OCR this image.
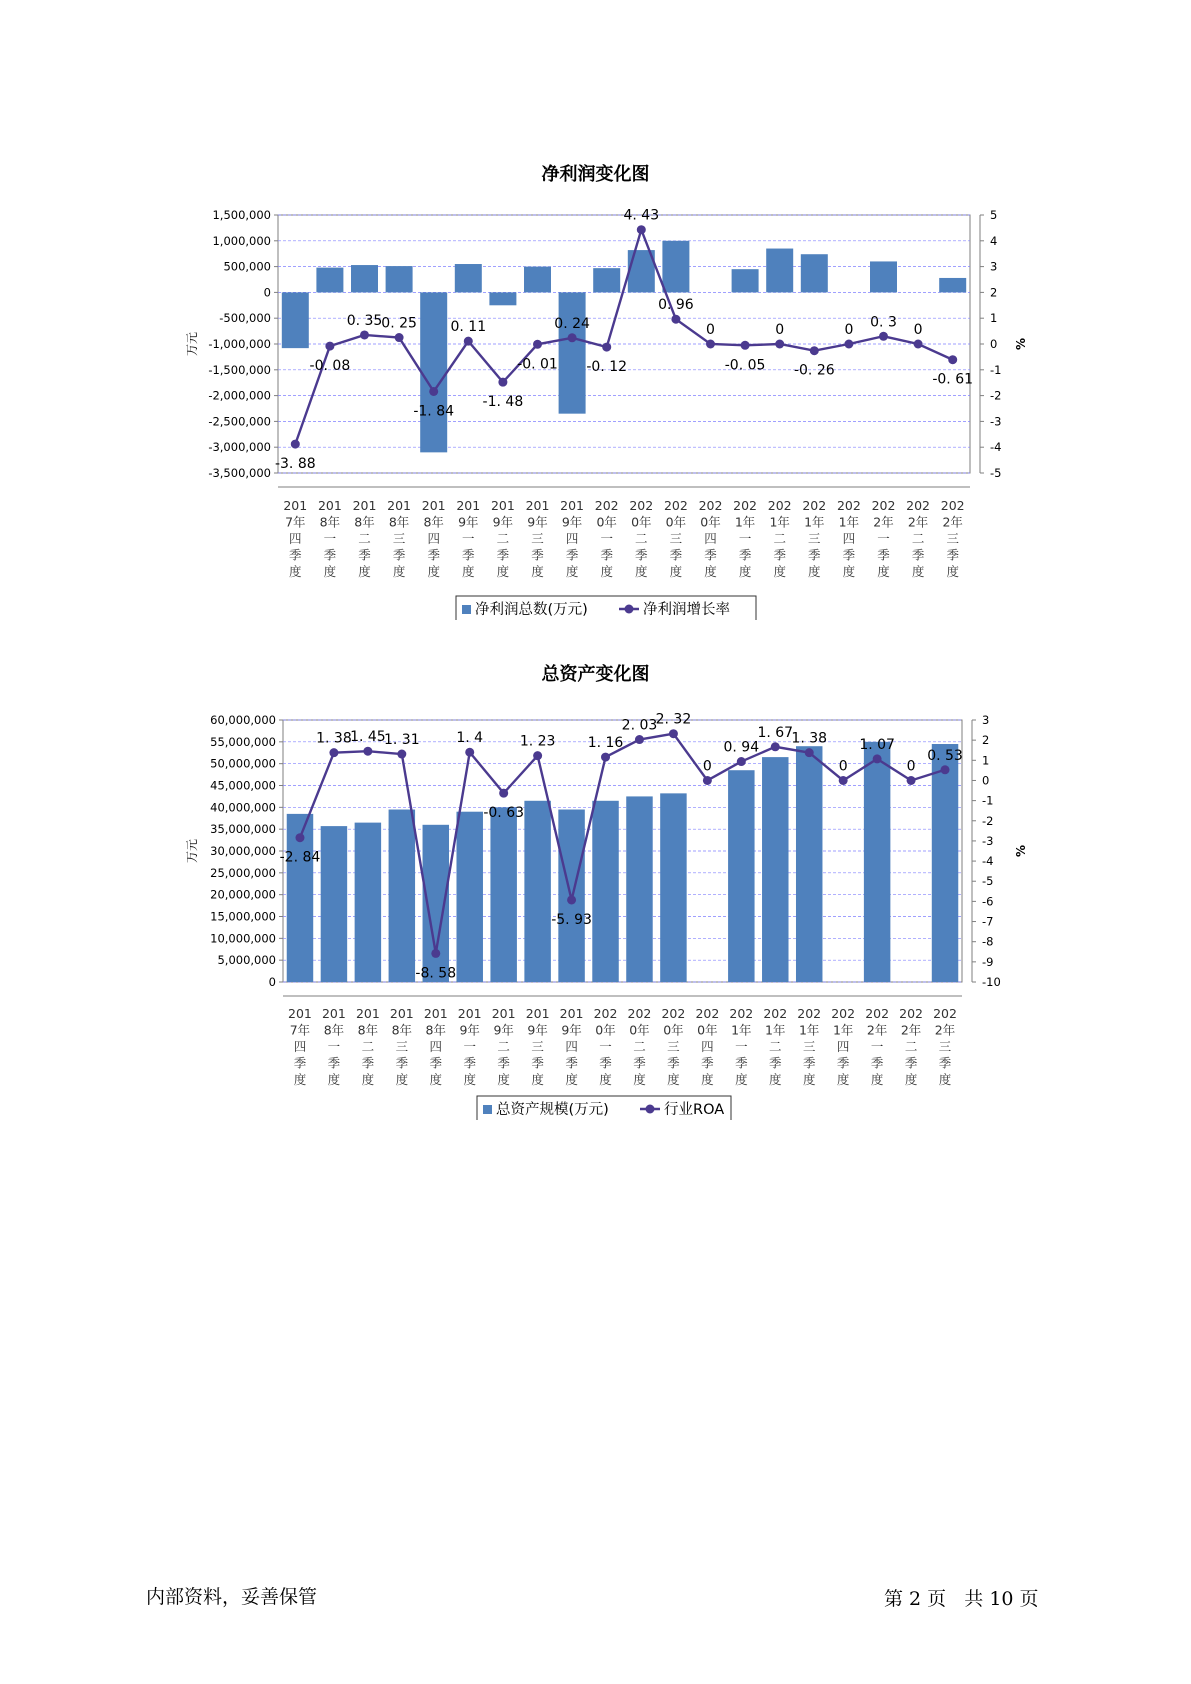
净利润变化图
1,500,000
1,000,000
500,000
0
-500,000
-1,000,000
-1,500,000
-2,000,000
-2,500,000
-3,000,000
-3,500,000
5
4
3
2
1
0
-1
-2
-3
-4
-5
万元	%
-3. 88
-0. 08
0. 35
0. 25
-1. 84
0. 11
-1. 48
-0. 01
0. 24
-0. 12
4. 43
0. 96
0
-0. 05
0
-0. 26
0 0. 3 0
-0. 61
201
7年
四
季
度
201
8年
一
季
度
201
8年
二
季
度
201
8年
三
季
度
201
8年
四
季
度
201
9年
一
季
度
201
9年
二
季
度
201
9年
三
季
度
201
9年
四
季
度
202
0年
一
季
度
202
0年
二
季
度
202
0年
三
季
度
202
0年
四
季
度
202
1年
一
季
度
202
1年
二
季
度
202
1年
三
季
度
202
1年
四
季
度
202
2年
一
季
度
202
2年
二
季
度
202
2年
三
季
度
净利润总数(万元)	净利润增长率
总资产变化图
60,000,000
55,000,000
50,000,000
45,000,000
40,000,000
35,000,000
30,000,000
25,000,000
20,000,000
15,000,000
10,000,000
5,000,000
0
3
2
1
0
-1
-2
-3
-4
-5
-6
-7
-8
-9
-10
万元	%
-2. 84
1. 38
1. 45
1. 31
-8. 58
1. 4
-0. 63
1. 23
-5. 93
1. 16
2. 03
2. 32
0
0. 94
1. 67
1. 38
0
1. 07
0
0. 53
201
7年
四
季
度
201
8年
一
季
度
201
8年
二
季
度
201
8年
三
季
度
201
8年
四
季
度
201
9年
一
季
度
201
9年
二
季
度
201
9年
三
季
度
201
9年
四
季
度
202
0年
一
季
度
202
0年
二
季
度
202
0年
三
季
度
202
0年
四
季
度
202
1年
一
季
度
202
1年
二
季
度
202
1年
三
季
度
202
1年
四
季
度
202
2年
一
季
度
202
2年
二
季
度
202
2年
三
季
度
总资产规模(万元)	行业ROA
内部资料，妥善保管	第 2 页   共 10 页
